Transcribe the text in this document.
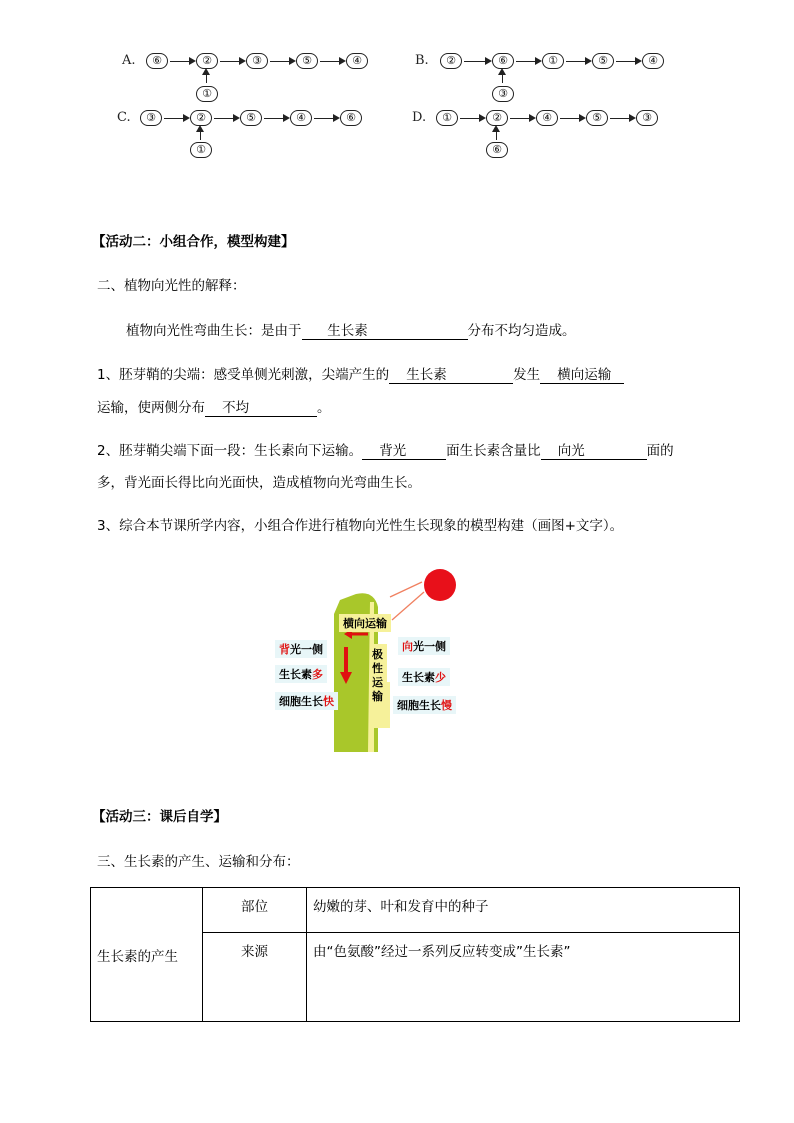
A.	⑥	②	③	⑤	④
①
B.	②	⑥	①	⑤	④
③
C.	③	②	⑤	④	⑥
①
D.	①	②	④	⑤	③
⑥
【活动二：小组合作，模型构建】
二、植物向光性的解释：
植物向光性弯曲生长：是由于 生长素	分布不均匀造成。
1、胚芽鞘的尖端：感受单侧光刺激，尖端产生的 生长素	发生 横向运输
运输，使两侧分布 不均	。
2、胚芽鞘尖端下面一段：生长素向下运输。 背光	面生长素含量比 向光	面的
多，背光面长得比向光面快，造成植物向光弯曲生长。
3、综合本节课所学内容，小组合作进行植物向光性生长现象的模型构建（画图+文字）。
横向运输
背光一侧
生长素多
细胞生长快
极
性
运
输
向光一侧
生长素少
细胞生长慢
【活动三：课后自学】
三、生长素的产生、运输和分布：
生长素的产生	部位	幼嫩的芽、叶和发育中的种子
	来源	由“色氨酸”经过一系列反应转变成”生长素”
